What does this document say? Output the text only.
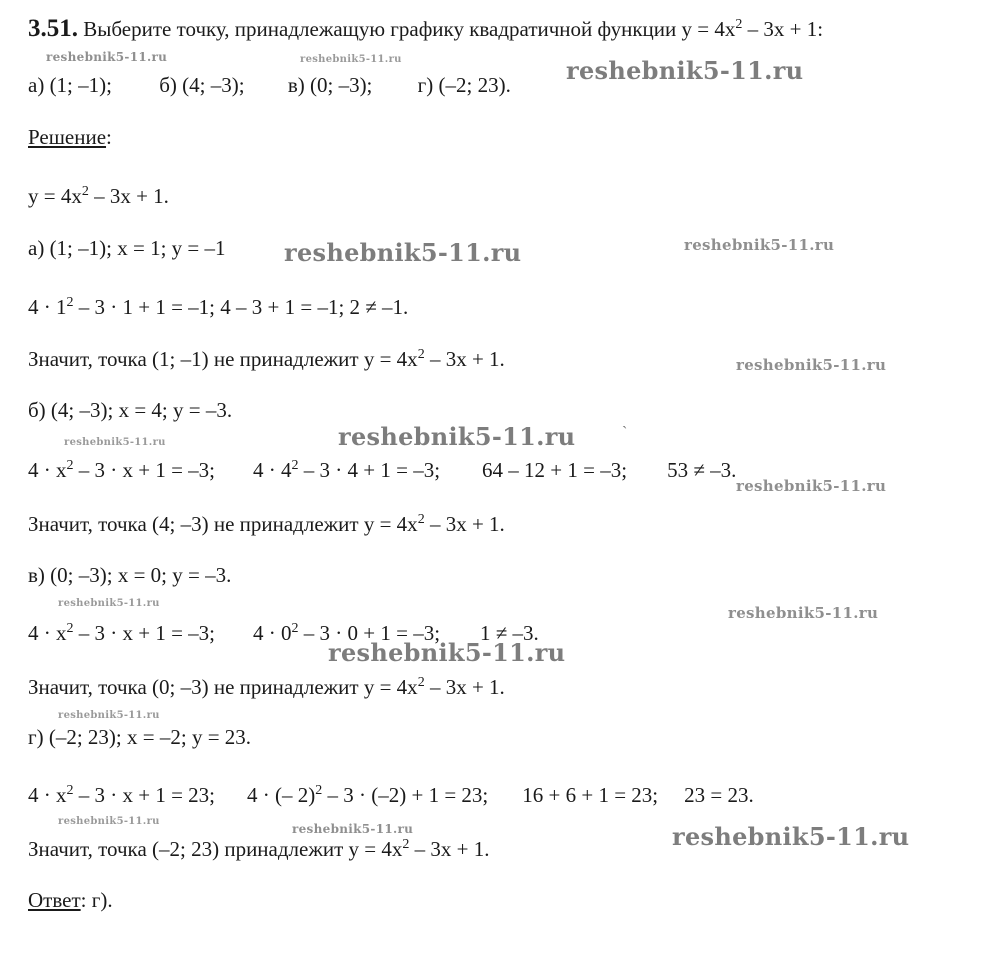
3.51. Выберите точку, принадлежащую графику квадратичной функции $y = 4x^2 - 3x + 1$:
а) (1; –1); б) (4; –3); в) (0; –3); г) (–2; 23).
Решение:
$y = 4x^2 - 3x + 1$.
а) (1; –1); x = 1; y = –1
$4 \cdot 1^2 - 3 \cdot 1 + 1 = -1$; 4 – 3 + 1 = –1; 2 ≠ –1.
Значит, точка (1; –1) не принадлежит $y = 4x^2 - 3x + 1$.
б) (4; –3); x = 4; y = –3.
$4 \cdot x^2 - 3 \cdot x + 1 = -3$; $4 \cdot 4^2 - 3 \cdot 4 + 1 = -3$; 64 – 12 + 1 = –3; 53 ≠ –3.
Значит, точка (4; –3) не принадлежит $y = 4x^2 - 3x + 1$.
в) (0; –3); x = 0; y = –3.
$4 \cdot x^2 - 3 \cdot x + 1 = -3$; $4 \cdot 0^2 - 3 \cdot 0 + 1 = -3$; 1 ≠ –3.
Значит, точка (0; –3) не принадлежит $y = 4x^2 - 3x + 1$.
г) (–2; 23); x = –2; y = 23.
$4 \cdot x^2 - 3 \cdot x + 1 = 23$; 4 · (– 2)$^2$ – 3 · (–2) + 1 = 23; 16 + 6 + 1 = 23; 23 = 23.
Значит, точка (–2; 23) принадлежит $y = 4x^2 - 3x + 1$.
Ответ: г).
reshebnik5-11.ru	reshebnik5-11.ru	reshebnik5-11.ru
reshebnik5-11.ru	reshebnik5-11.ru
reshebnik5-11.ru
reshebnik5-11.ru
reshebnik5-11.ru
reshebnik5-11.ru
reshebnik5-11.ru
reshebnik5-11.ru
reshebnik5-11.ru
reshebnik5-11.ru
reshebnik5-11.ru
reshebnik5-11.ru	reshebnik5-11.ru
ˋ
